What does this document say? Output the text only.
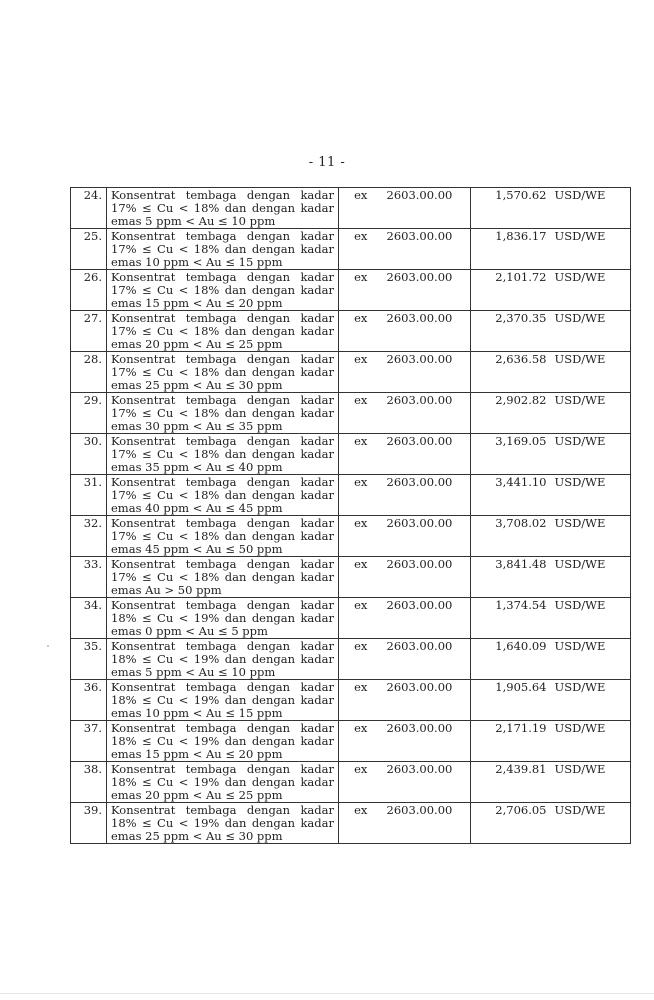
- 11 -
24.	Konsentrat tembaga dengan kadar
17% ≤ Cu < 18% dan dengan kadar
emas 5 ppm < Au ≤ 10 ppm	ex	2603.00.00	1,570.62	USD/WE
25.	Konsentrat tembaga dengan kadar
17% ≤ Cu < 18% dan dengan kadar
emas 10 ppm < Au ≤ 15 ppm	ex	2603.00.00	1,836.17	USD/WE
26.	Konsentrat tembaga dengan kadar
17% ≤ Cu < 18% dan dengan kadar
emas 15 ppm < Au ≤ 20 ppm	ex	2603.00.00	2,101.72	USD/WE
27.	Konsentrat tembaga dengan kadar
17% ≤ Cu < 18% dan dengan kadar
emas 20 ppm < Au ≤ 25 ppm	ex	2603.00.00	2,370.35	USD/WE
28.	Konsentrat tembaga dengan kadar
17% ≤ Cu < 18% dan dengan kadar
emas 25 ppm < Au ≤ 30 ppm	ex	2603.00.00	2,636.58	USD/WE
29.	Konsentrat tembaga dengan kadar
17% ≤ Cu < 18% dan dengan kadar
emas 30 ppm < Au ≤ 35 ppm	ex	2603.00.00	2,902.82	USD/WE
30.	Konsentrat tembaga dengan kadar
17% ≤ Cu < 18% dan dengan kadar
emas 35 ppm < Au ≤ 40 ppm	ex	2603.00.00	3,169.05	USD/WE
31.	Konsentrat tembaga dengan kadar
17% ≤ Cu < 18% dan dengan kadar
emas 40 ppm < Au ≤ 45 ppm	ex	2603.00.00	3,441.10	USD/WE
32.	Konsentrat tembaga dengan kadar
17% ≤ Cu < 18% dan dengan kadar
emas 45 ppm < Au ≤ 50 ppm	ex	2603.00.00	3,708.02	USD/WE
33.	Konsentrat tembaga dengan kadar
17% ≤ Cu < 18% dan dengan kadar
emas Au > 50 ppm	ex	2603.00.00	3,841.48	USD/WE
34.	Konsentrat tembaga dengan kadar
18% ≤ Cu < 19% dan dengan kadar
emas 0 ppm < Au ≤ 5 ppm	ex	2603.00.00	1,374.54	USD/WE
35.	Konsentrat tembaga dengan kadar
18% ≤ Cu < 19% dan dengan kadar
emas 5 ppm < Au ≤ 10 ppm	ex	2603.00.00	1,640.09	USD/WE
36.	Konsentrat tembaga dengan kadar
18% ≤ Cu < 19% dan dengan kadar
emas 10 ppm < Au ≤ 15 ppm	ex	2603.00.00	1,905.64	USD/WE
37.	Konsentrat tembaga dengan kadar
18% ≤ Cu < 19% dan dengan kadar
emas 15 ppm < Au ≤ 20 ppm	ex	2603.00.00	2,171.19	USD/WE
38.	Konsentrat tembaga dengan kadar
18% ≤ Cu < 19% dan dengan kadar
emas 20 ppm < Au ≤ 25 ppm	ex	2603.00.00	2,439.81	USD/WE
39.	Konsentrat tembaga dengan kadar
18% ≤ Cu < 19% dan dengan kadar
emas 25 ppm < Au ≤ 30 ppm	ex	2603.00.00	2,706.05	USD/WE
